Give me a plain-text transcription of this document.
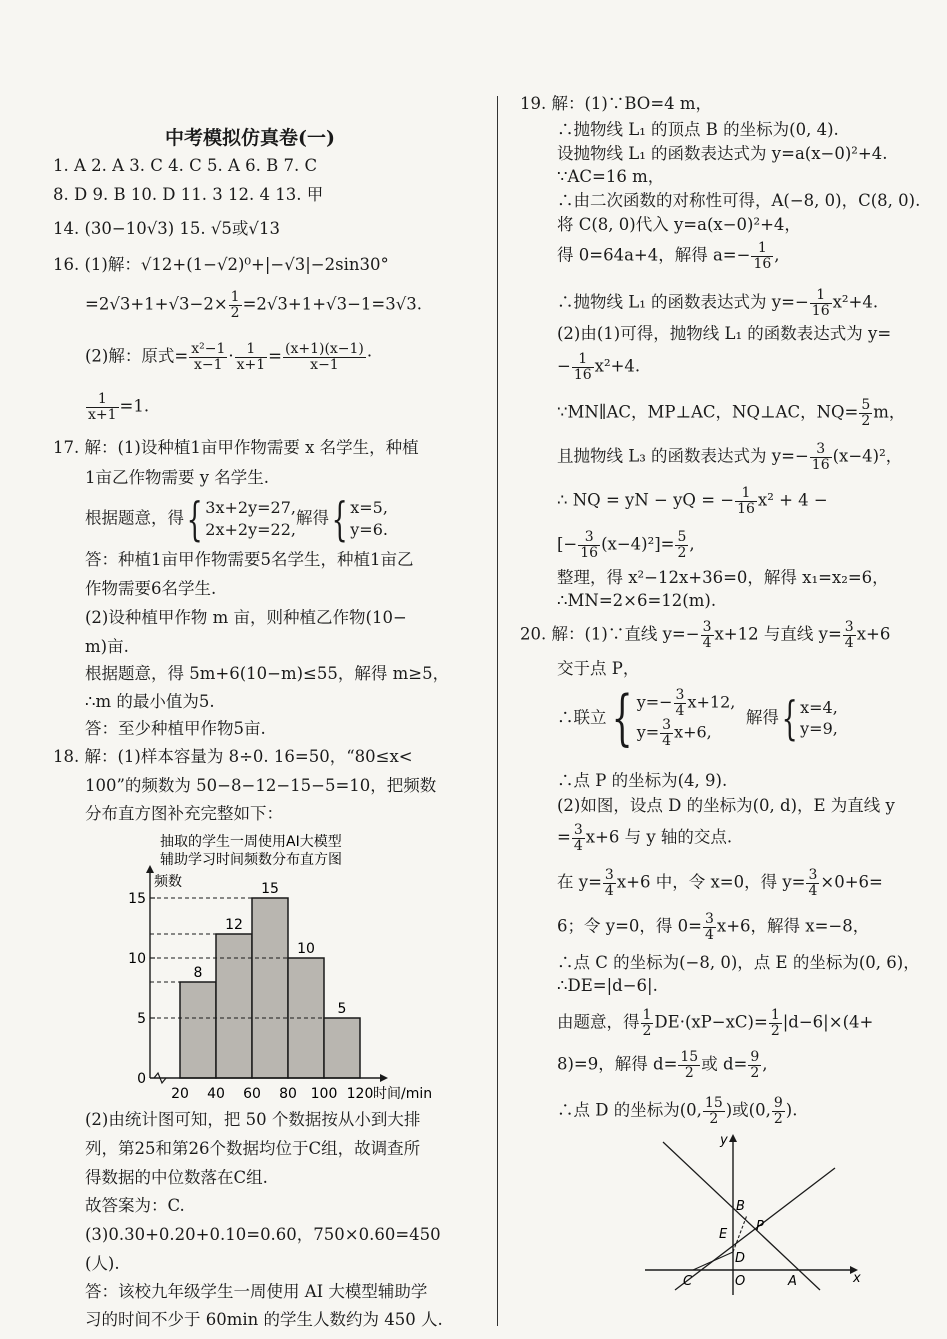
中考模拟仿真卷(一)
1. A 2. A 3. C 4. C 5. A 6. B 7. C
8. D 9. B 10. D 11. 3 12. 4 13. 甲
14. (30−10√3) 15. √5或√13
16. (1)解：√12+(1−√2)⁰+|−√3|−2sin30°
$=2√3+1+√3-2\times \frac{1}{2} =2√3+1+√3-1=3√3$.
(2)解：原式= $\frac{\text{x²−1}}{x-1} \cdot \frac{1}{x+1} = \frac{(x+1)(x-1)}{x-1}$ ·
$\frac{1}{x+1} =1$.
17. 解：(1)设种植1亩甲作物需要 x 名学生，种植
1亩乙作物需要 y 名学生.
根据题意，得{ 3x+2y=27,
2x+2y=22,解得{ x=5,
y=6.
答：种植1亩甲作物需要5名学生，种植1亩乙
作物需要6名学生.
(2)设种植甲作物 m 亩，则种植乙作物(10−
m)亩.
根据题意，得 5m+6(10−m)≤55，解得 m≥5，
∴m 的最小值为5.
答：至少种植甲作物5亩.
18. 解：(1)样本容量为 8÷0. 16=50，“80≤x<
100”的频数为 50−8−12−15−5=10，把频数
分布直方图补充完整如下：
抽取的学生一周使用AI大模型
辅助学习时间频数分布直方图
频数
时间/min
8
12
15
10
5
0
5
10
15
20 40 60 80 100 120
(2)由统计图可知，把 50 个数据按从小到大排
列，第25和第26个数据均位于C组，故调查所
得数据的中位数落在C组.
故答案为：C.
(3)0.30+0.20+0.10=0.60，750×0.60=450
(人).
答：该校九年级学生一周使用 AI 大模型辅助学
习的时间不少于 60min 的学生人数约为 450 人.
19. 解：(1)∵BO=4 m，
∴抛物线 L₁ 的顶点 B 的坐标为(0, 4).
设抛物线 L₁ 的函数表达式为 y=a(x−0)²+4.
∵AC=16 m，
∴由二次函数的对称性可得，A(−8, 0)，C(8, 0).
将 C(8, 0)代入 y=a(x−0)²+4，
得 0=64a+4，解得 $a=- \frac{1}{16}$ ,
∴抛物线 L₁ 的函数表达式为 $y=- \frac{1}{16} x^2+4$.
(2)由(1)可得，抛物线 L₁ 的函数表达式为 y=
− $\frac{1}{16} x^2+4$.
∵MN∥AC，MP⊥AC，NQ⊥AC，$NQ= \frac{5}{2}$ m，
且抛物线 L₃ 的函数表达式为 $y=- \frac{3}{16} (x-4)^2$，
∴ NQ = yN − yQ = − $\frac{1}{16} x^2 + 4$ −
[− $\frac{3}{16} (x-4)^2]= \frac{5}{2}$ ,
整理，得 x²−12x+36=0，解得 x₁=x₂=6，
∴MN=2×6=12(m).
20. 解：(1)∵直线 $y=- \frac{3}{4} x+12$ 与直线 $y= \frac{3}{4} x+6$
交于点 P，
∴联立{ $y=- \frac{3}{4} x+12$,
$y= \frac{3}{4} x+6$,  解得{ x=4,
y=9,
∴点 P 的坐标为(4, 9).
(2)如图，设点 D 的坐标为(0, d)，E 为直线 y
= $\frac{3}{4} x+6$ 与 y 轴的交点.
在 $y= \frac{3}{4} x+6$ 中，令 x=0，得 $y= \frac{3}{4} \times 0+6=$
6；令 y=0，得 $0= \frac{3}{4} x+6$，解得 x=−8，
∴点 C 的坐标为(−8, 0)，点 E 的坐标为(0, 6)，
∴DE=|d−6|.
由题意，得 $\frac{1}{2} DE\cdot(xP-xC)= \frac{1}{2} |d-6|\times(4+$
8)=9，解得 $d= \frac{15}{2}$ 或 $d= \frac{9}{2}$ ,
∴点 D 的坐标为(0, $\frac{15}{2}$ )或(0, $\frac{9}{2}$ ).
y
x
B
P
E
D
C	O	A
